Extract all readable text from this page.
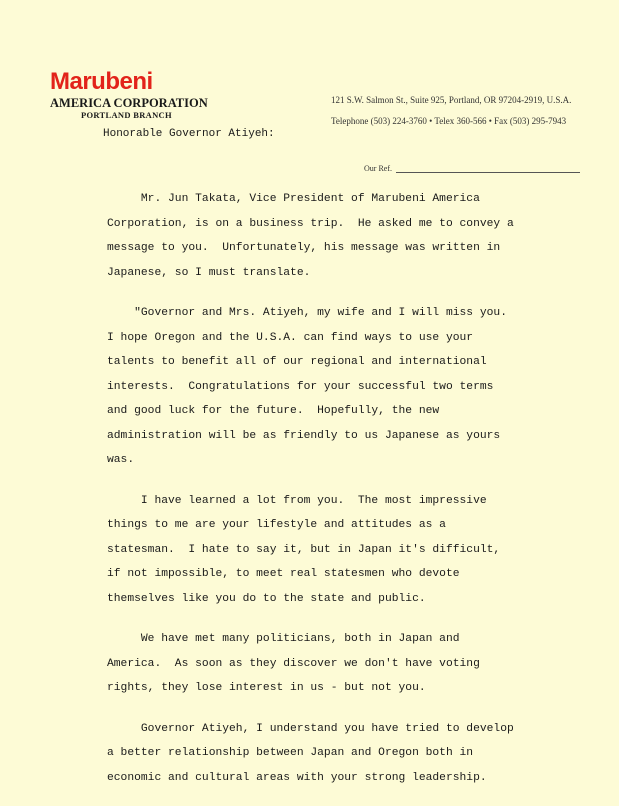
Marubeni
AMERICA CORPORATION
PORTLAND BRANCH
121 S.W. Salmon St., Suite 925, Portland, OR 97204-2919, U.S.A.
Telephone (503) 224-3760 • Telex 360-566 • Fax (503) 295-7943
Honorable Governor Atiyeh:
Our Ref.
Mr. Jun Takata, Vice President of Marubeni America
Corporation, is on a business trip.  He asked me to convey a
message to you.  Unfortunately, his message was written in
Japanese, so I must translate.
"Governor and Mrs. Atiyeh, my wife and I will miss you.
I hope Oregon and the U.S.A. can find ways to use your
talents to benefit all of our regional and international
interests.  Congratulations for your successful two terms
and good luck for the future.  Hopefully, the new
administration will be as friendly to us Japanese as yours
was.
I have learned a lot from you.  The most impressive
things to me are your lifestyle and attitudes as a
statesman.  I hate to say it, but in Japan it's difficult,
if not impossible, to meet real statesmen who devote
themselves like you do to the state and public.
We have met many politicians, both in Japan and
America.  As soon as they discover we don't have voting
rights, they lose interest in us - but not you.
Governor Atiyeh, I understand you have tried to develop
a better relationship between Japan and Oregon both in
economic and cultural areas with your strong leadership.
